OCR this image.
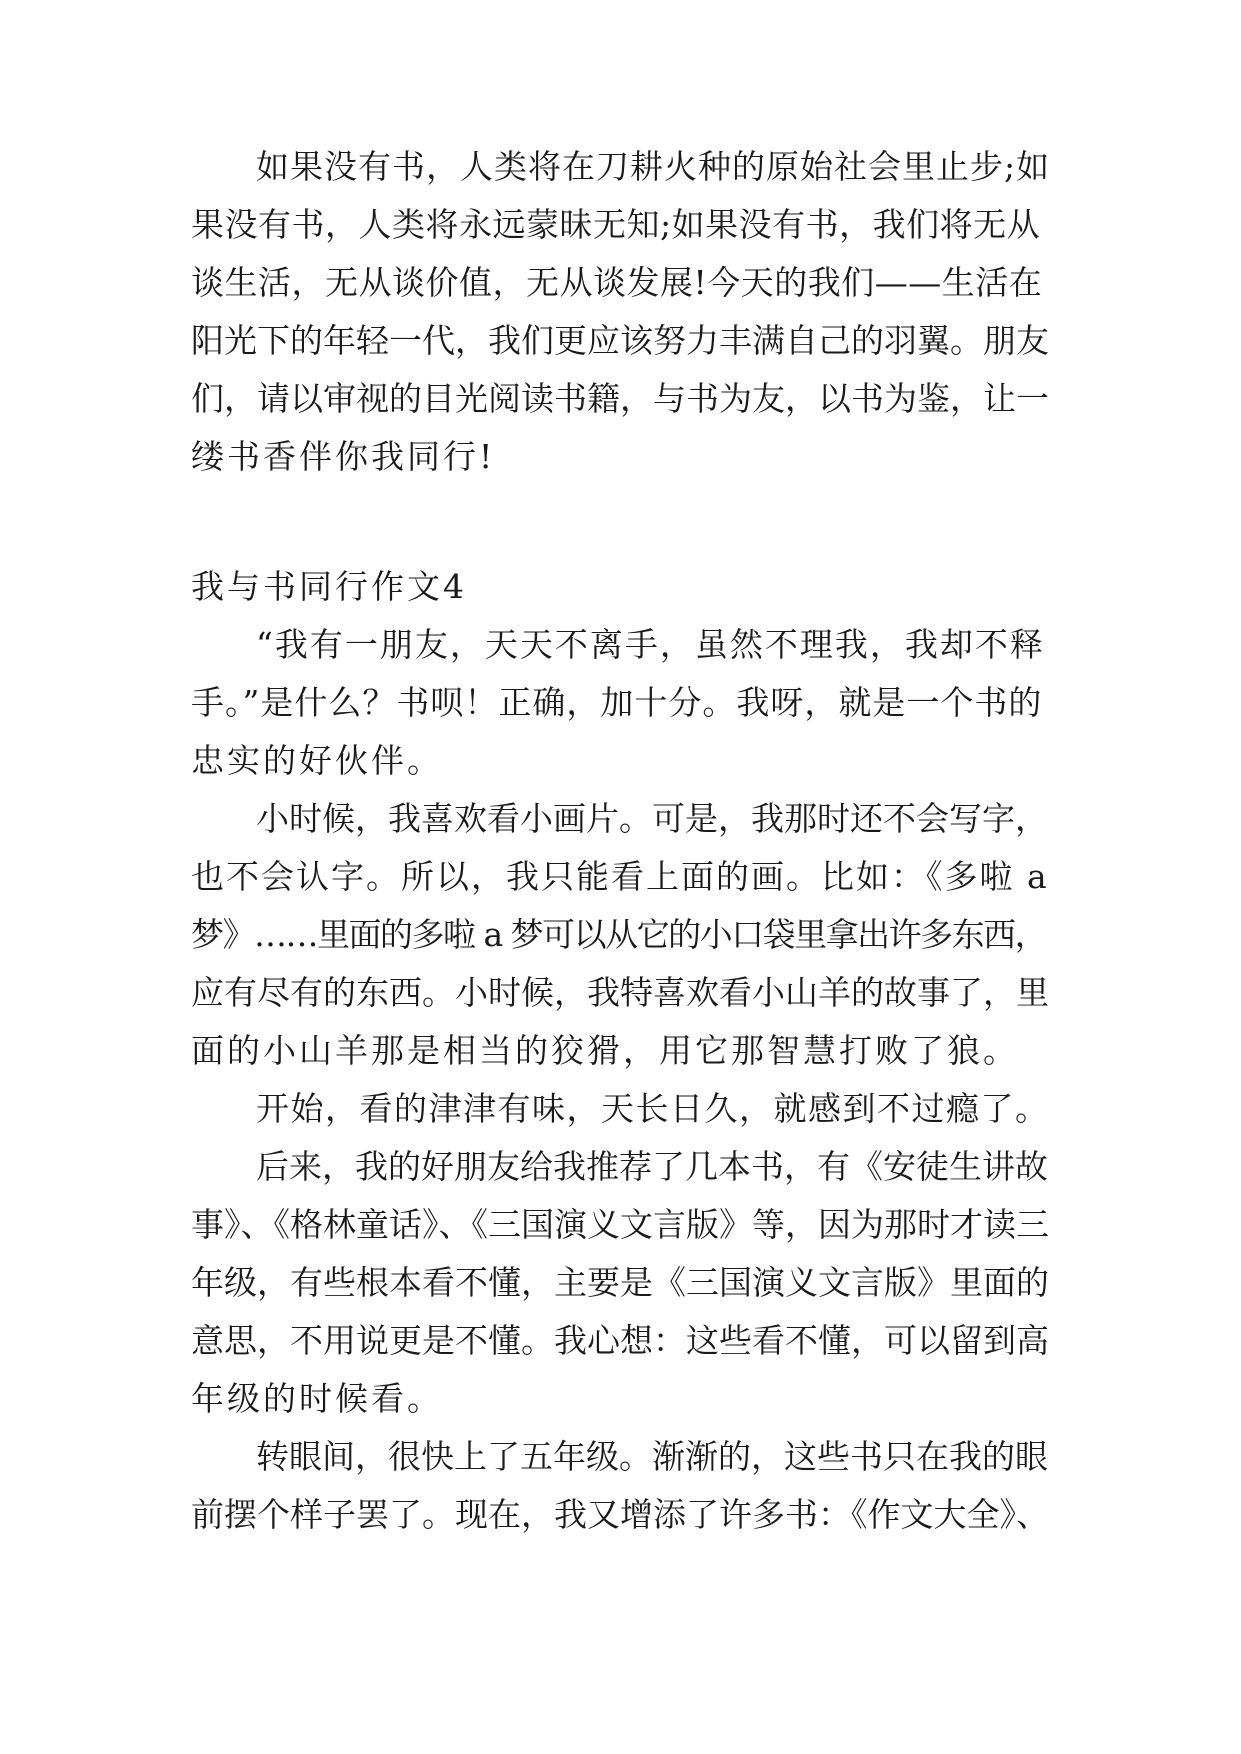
如果没有书，人类将在刀耕火种的原始社会里止步;如
果没有书，人类将永远蒙昧无知;如果没有书，我们将无从
谈生活，无从谈价值，无从谈发展!今天的我们——生活在
阳光下的年轻一代，我们更应该努力丰满自己的羽翼。朋友
们，请以审视的目光阅读书籍，与书为友，以书为鉴，让一
缕书香伴你我同行!
我与书同行作文4
“我有一朋友，天天不离手，虽然不理我，我却不释
手。”是什么？书呗！正确，加十分。我呀，就是一个书的
忠实的好伙伴。
小时候，我喜欢看小画片。可是，我那时还不会写字，
也不会认字。所以，我只能看上面的画。比如：《多啦 a
梦》……里面的多啦 a 梦可以从它的小口袋里拿出许多东西，
应有尽有的东西。小时候，我特喜欢看小山羊的故事了，里
面的小山羊那是相当的狡猾，用它那智慧打败了狼。
开始，看的津津有味，天长日久，就感到不过瘾了。
后来，我的好朋友给我推荐了几本书，有《安徒生讲故
事》、《格林童话》、《三国演义文言版》等，因为那时才读三
年级，有些根本看不懂，主要是《三国演义文言版》里面的
意思，不用说更是不懂。我心想：这些看不懂，可以留到高
年级的时候看。
转眼间，很快上了五年级。渐渐的，这些书只在我的眼
前摆个样子罢了。现在，我又增添了许多书：《作文大全》、
